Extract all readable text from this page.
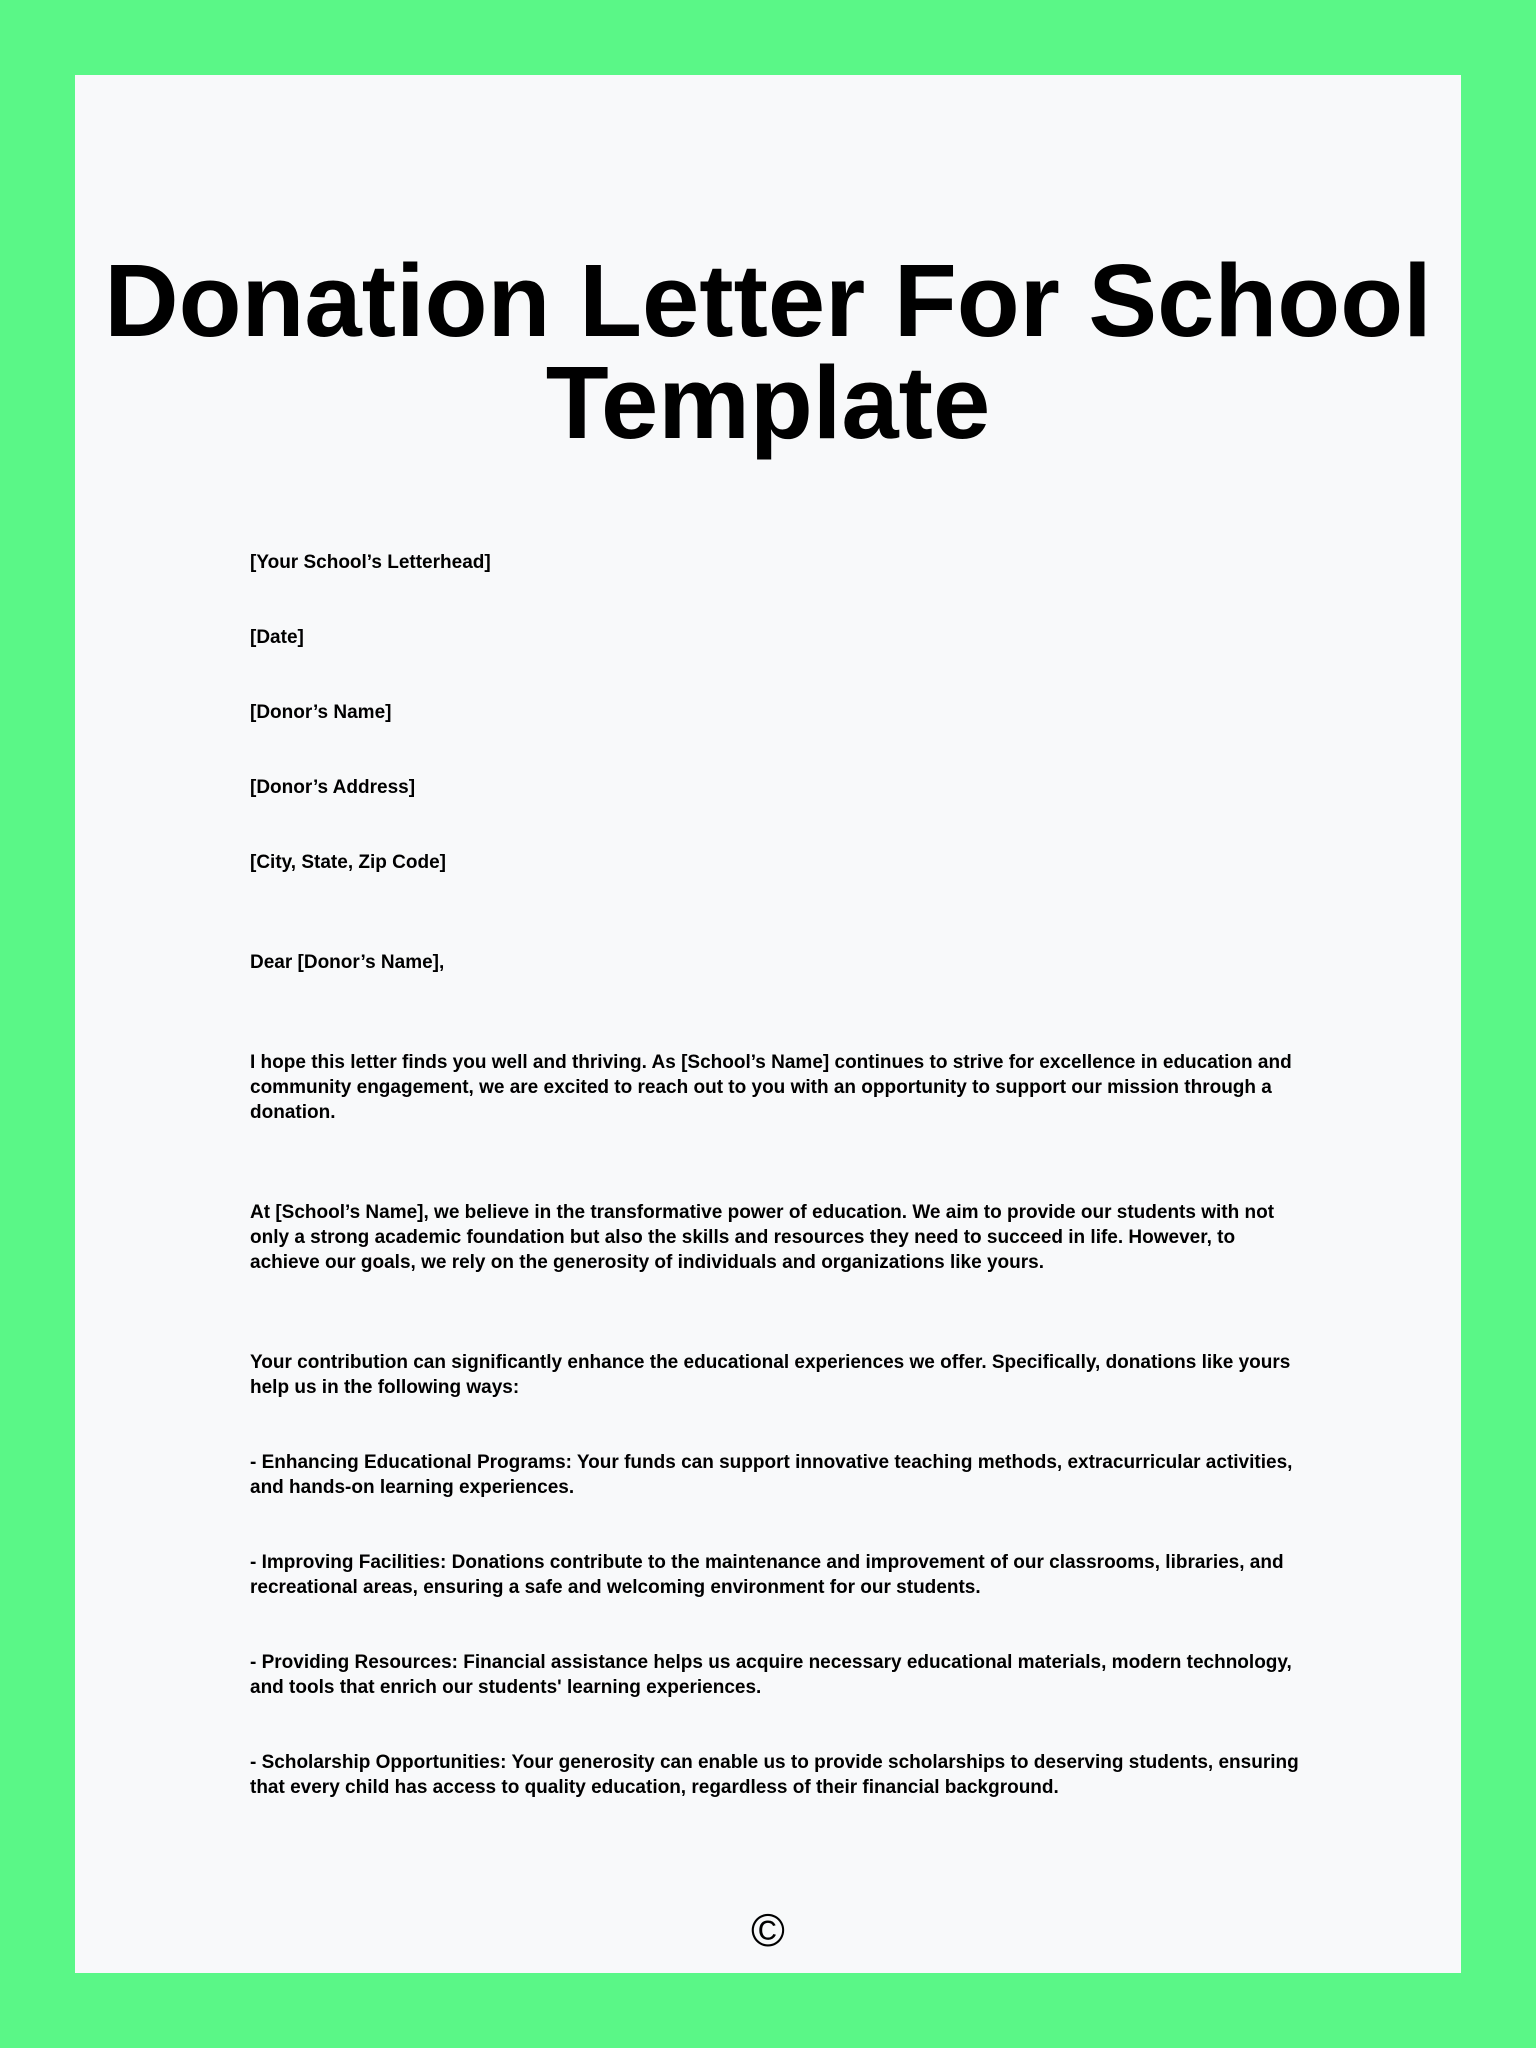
Donation Letter For School
Template

[Your School’s Letterhead]

[Date]

[Donor’s Name]

[Donor’s Address]

[City, State, Zip Code]

Dear [Donor’s Name],

I hope this letter finds you well and thriving. As [School’s Name] continues to strive for excellence in education and community engagement, we are excited to reach out to you with an opportunity to support our mission through a donation.

At [School’s Name], we believe in the transformative power of education. We aim to provide our students with not only a strong academic foundation but also the skills and resources they need to succeed in life. However, to achieve our goals, we rely on the generosity of individuals and organizations like yours.

Your contribution can significantly enhance the educational experiences we offer. Specifically, donations like yours help us in the following ways:

- Enhancing Educational Programs: Your funds can support innovative teaching methods, extracurricular activities, and hands-on learning experiences.

- Improving Facilities: Donations contribute to the maintenance and improvement of our classrooms, libraries, and recreational areas, ensuring a safe and welcoming environment for our students.

- Providing Resources: Financial assistance helps us acquire necessary educational materials, modern technology, and tools that enrich our students' learning experiences.

- Scholarship Opportunities: Your generosity can enable us to provide scholarships to deserving students, ensuring that every child has access to quality education, regardless of their financial background.

©
